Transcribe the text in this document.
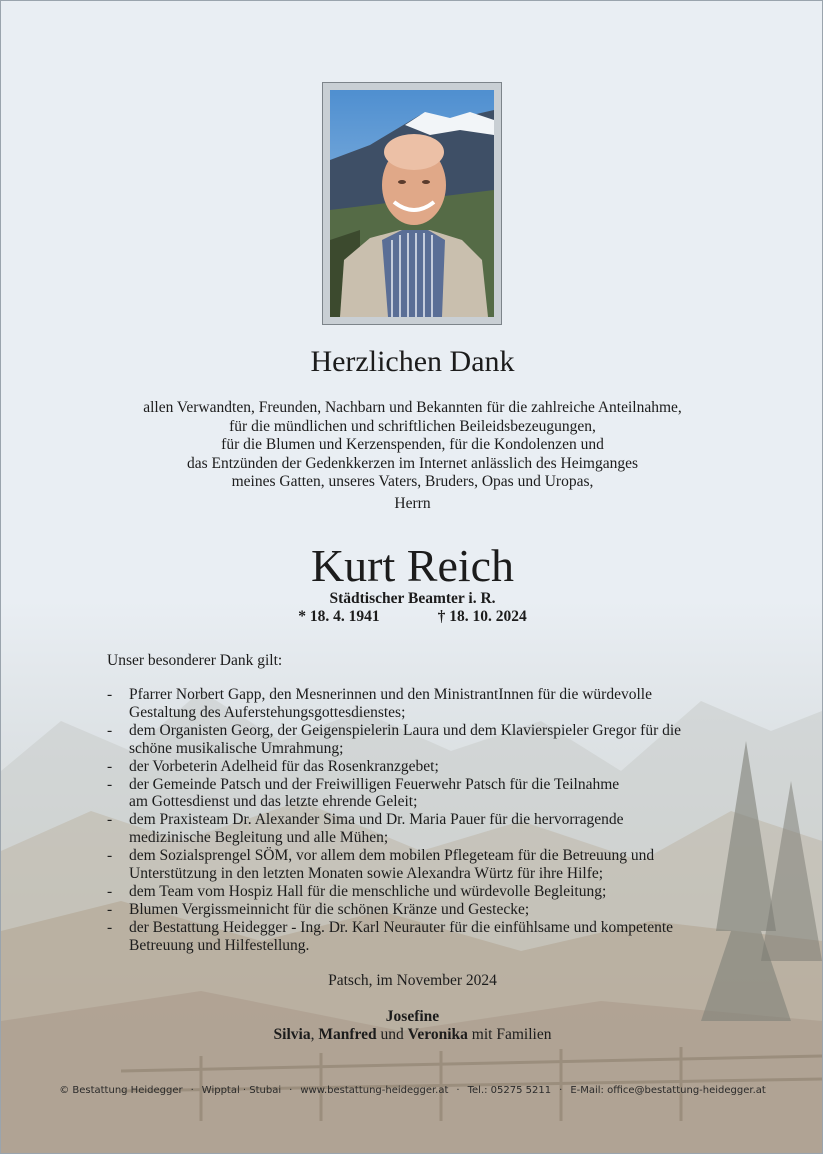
Herzlichen Dank
allen Verwandten, Freunden, Nachbarn und Bekannten für die zahlreiche Anteilnahme,
für die mündlichen und schriftlichen Beileidsbezeugungen,
für die Blumen und Kerzenspenden, für die Kondolenzen und
das Entzünden der Gedenkkerzen im Internet anlässlich des Heimganges
meines Gatten, unseres Vaters, Bruders, Opas und Uropas,
Herrn
Kurt Reich
Städtischer Beamter i. R.
* 18. 4. 1941	† 18. 10. 2024
Unser besonderer Dank gilt:
- Pfarrer Norbert Gapp, den Mesnerinnen und den MinistrantInnen für die würdevolle
Gestaltung des Auferstehungsgottesdienstes;
- dem Organisten Georg, der Geigenspielerin Laura und dem Klavierspieler Gregor für die
schöne musikalische Umrahmung;
- der Vorbeterin Adelheid für das Rosenkranzgebet;
- der Gemeinde Patsch und der Freiwilligen Feuerwehr Patsch für die Teilnahme
am Gottesdienst und das letzte ehrende Geleit;
- dem Praxisteam Dr. Alexander Sima und Dr. Maria Pauer für die hervorragende
medizinische Begleitung und alle Mühen;
- dem Sozialsprengel SÖM, vor allem dem mobilen Pflegeteam für die Betreuung und
Unterstützung in den letzten Monaten sowie Alexandra Würtz für ihre Hilfe;
- dem Team vom Hospiz Hall für die menschliche und würdevolle Begleitung;
- Blumen Vergissmeinnicht für die schönen Kränze und Gestecke;
- der Bestattung Heidegger - Ing. Dr. Karl Neurauter für die einfühlsame und kompetente
Betreuung und Hilfestellung.
Patsch, im November 2024
Josefine
Silvia, Manfred und Veronika mit Familien
© Bestattung Heidegger · Wipptal · Stubai · www.bestattung-heidegger.at · Tel.: 05275 5211 · E-Mail: office@bestattung-heidegger.at
